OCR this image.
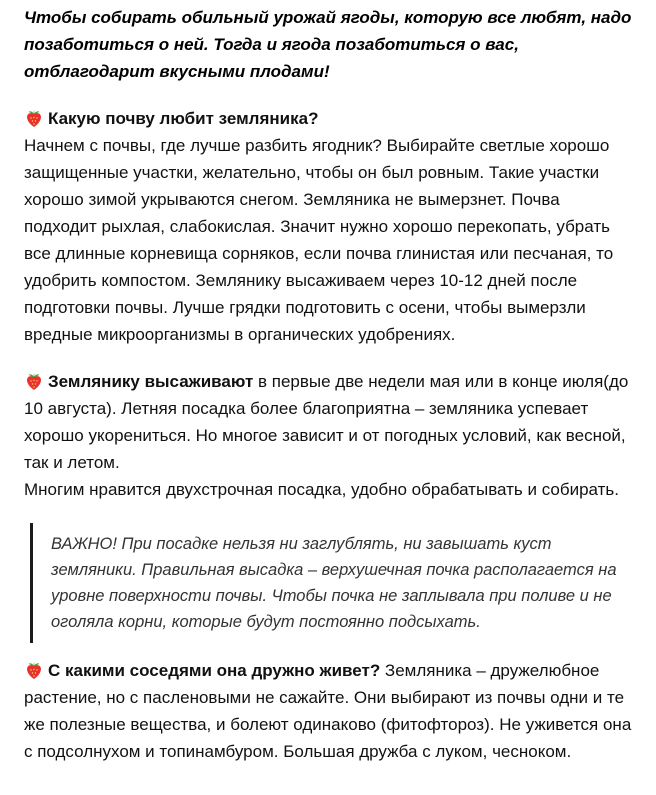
Чтобы собирать обильный урожай ягоды, которую все любят, надо позаботиться о ней. Тогда и ягода позаботиться о вас, отблагодарит вкусными плодами!

Какую почву любит земляника?

Начнем с почвы, где лучше разбить ягодник? Выбирайте светлые хорошо защищенные участки, желательно, чтобы он был ровным. Такие участки хорошо зимой укрываются снегом. Земляника не вымерзнет. Почва подходит рыхлая, слабокислая. Значит нужно хорошо перекопать, убрать все длинные корневища сорняков, если почва глинистая или песчаная, то удобрить компостом. Землянику высаживаем через 10-12 дней после подготовки почвы. Лучше грядки подготовить с осени, чтобы вымерзли вредные микроорганизмы в органических удобрениях.

Землянику высаживают в первые две недели мая или в конце июля(до 10 августа). Летняя посадка более благоприятна – земляника успевает хорошо укорениться. Но многое зависит и от погодных условий, как весной, так и летом.

Многим нравится двухстрочная посадка, удобно обрабатывать и собирать.

ВАЖНО! При посадке нельзя ни заглублять, ни завышать куст земляники. Правильная высадка – верхушечная почка располагается на уровне поверхности почвы. Чтобы почка не заплывала при поливе и не оголяла корни, которые будут постоянно подсыхать.

С какими соседями она дружно живет? Земляника – дружелюбное растение, но с пасленовыми не сажайте. Они выбирают из почвы одни и те же полезные вещества, и болеют одинаково (фитофтороз). Не уживется она с подсолнухом и топинамбуром. Большая дружба с луком, чесноком.
